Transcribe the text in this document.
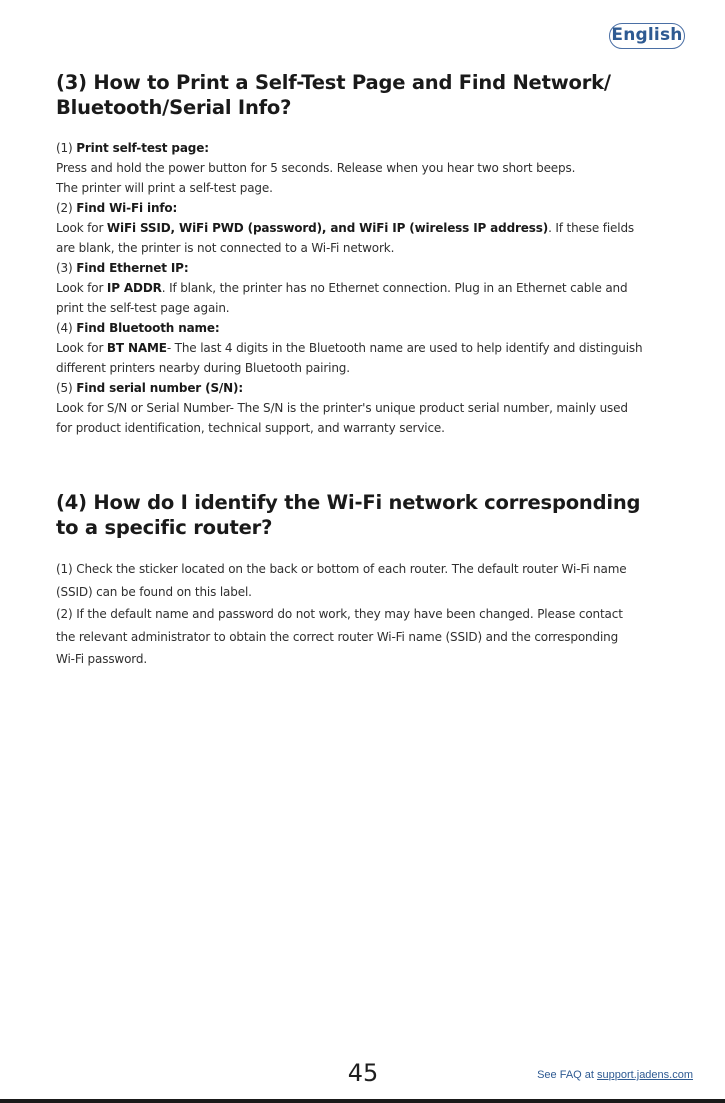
English
(3) How to Print a Self-Test Page and Find Network/
Bluetooth/Serial Info?
(1) Print self-test page:
Press and hold the power button for 5 seconds. Release when you hear two short beeps.
The printer will print a self-test page.
(2) Find Wi-Fi info:
Look for WiFi SSID, WiFi PWD (password), and WiFi IP (wireless IP address). If these fields
are blank, the printer is not connected to a Wi-Fi network.
(3) Find Ethernet IP:
Look for IP ADDR. If blank, the printer has no Ethernet connection. Plug in an Ethernet cable and
print the self-test page again.
(4) Find Bluetooth name:
Look for BT NAME- The last 4 digits in the Bluetooth name are used to help identify and distinguish
different printers nearby during Bluetooth pairing.
(5) Find serial number (S/N):
Look for S/N or Serial Number- The S/N is the printer's unique product serial number, mainly used
for product identification, technical support, and warranty service.
(4) How do I identify the Wi-Fi network corresponding
to a specific router?
(1) Check the sticker located on the back or bottom of each router. The default router Wi-Fi name
(SSID) can be found on this label.
(2) If the default name and password do not work, they may have been changed. Please contact
the relevant administrator to obtain the correct router Wi-Fi name (SSID) and the corresponding
Wi-Fi password.
45	See FAQ at support.jadens.com
